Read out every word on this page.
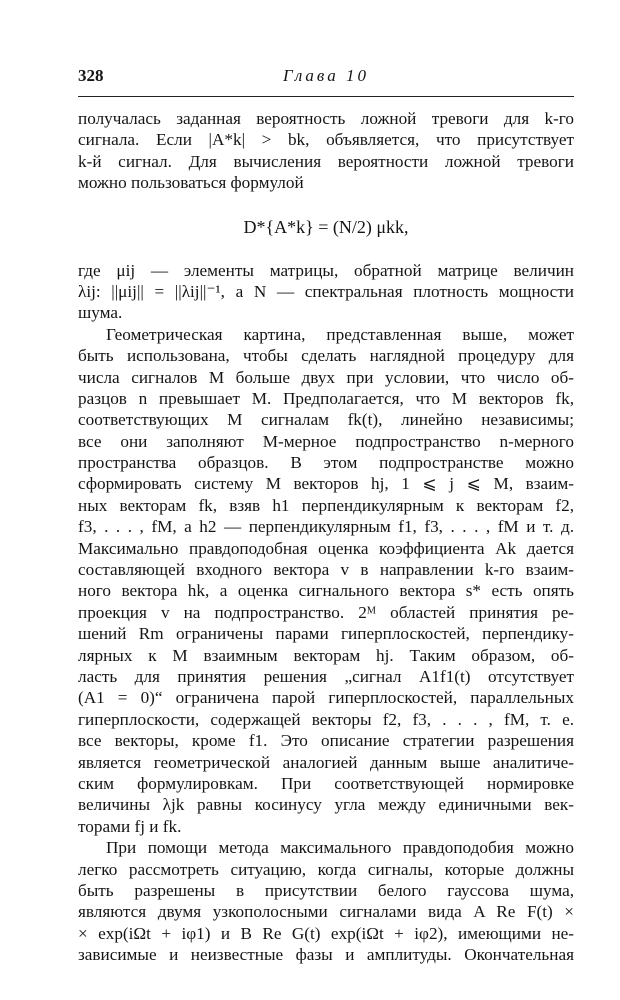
328	Глава 10
получалась заданная вероятность ложной тревоги для k-го
сигнала. Если |A*k| > bk, объявляется, что присутствует
k-й сигнал. Для вычисления вероятности ложной тревоги
можно пользоваться формулой
D*{A*k} = (N/2) μkk,
где μij — элементы матрицы, обратной матрице величин
λij: ||μij|| = ||λij||⁻¹, а N — спектральная плотность мощности
шума.
Геометрическая картина, представленная выше, может
быть использована, чтобы сделать наглядной процедуру для
числа сигналов M больше двух при условии, что число об-
разцов n превышает M. Предполагается, что M векторов fk,
соответствующих M сигналам fk(t), линейно независимы;
все они заполняют M-мерное подпространство n-мерного
пространства образцов. В этом подпространстве можно
сформировать систему M векторов hj, 1 ⩽ j ⩽ M, взаим-
ных векторам fk, взяв h1 перпендикулярным к векторам f2,
f3, . . . , fM, а h2 — перпендикулярным f1, f3, . . . , fM и т. д.
Максимально правдоподобная оценка коэффициента Ak дается
составляющей входного вектора v в направлении k-го взаим-
ного вектора hk, а оценка сигнального вектора s* есть опять
проекция v на подпространство. 2ᴹ областей принятия ре-
шений Rm ограничены парами гиперплоскостей, перпендику-
лярных к M взаимным векторам hj. Таким образом, об-
ласть для принятия решения „сигнал A1f1(t) отсутствует
(A1 = 0)“ ограничена парой гиперплоскостей, параллельных
гиперплоскости, содержащей векторы f2, f3, . . . , fM, т. е.
все векторы, кроме f1. Это описание стратегии разрешения
является геометрической аналогией данным выше аналитиче-
ским формулировкам. При соответствующей нормировке
величины λjk равны косинусу угла между единичными век-
торами fj и fk.
При помощи метода максимального правдоподобия можно
легко рассмотреть ситуацию, когда сигналы, которые должны
быть разрешены в присутствии белого гауссова шума,
являются двумя узкополосными сигналами вида A Re F(t) ×
× exp(iΩt + iφ1) и B Re G(t) exp(iΩt + iφ2), имеющими не-
зависимые и неизвестные фазы и амплитуды. Окончательная
